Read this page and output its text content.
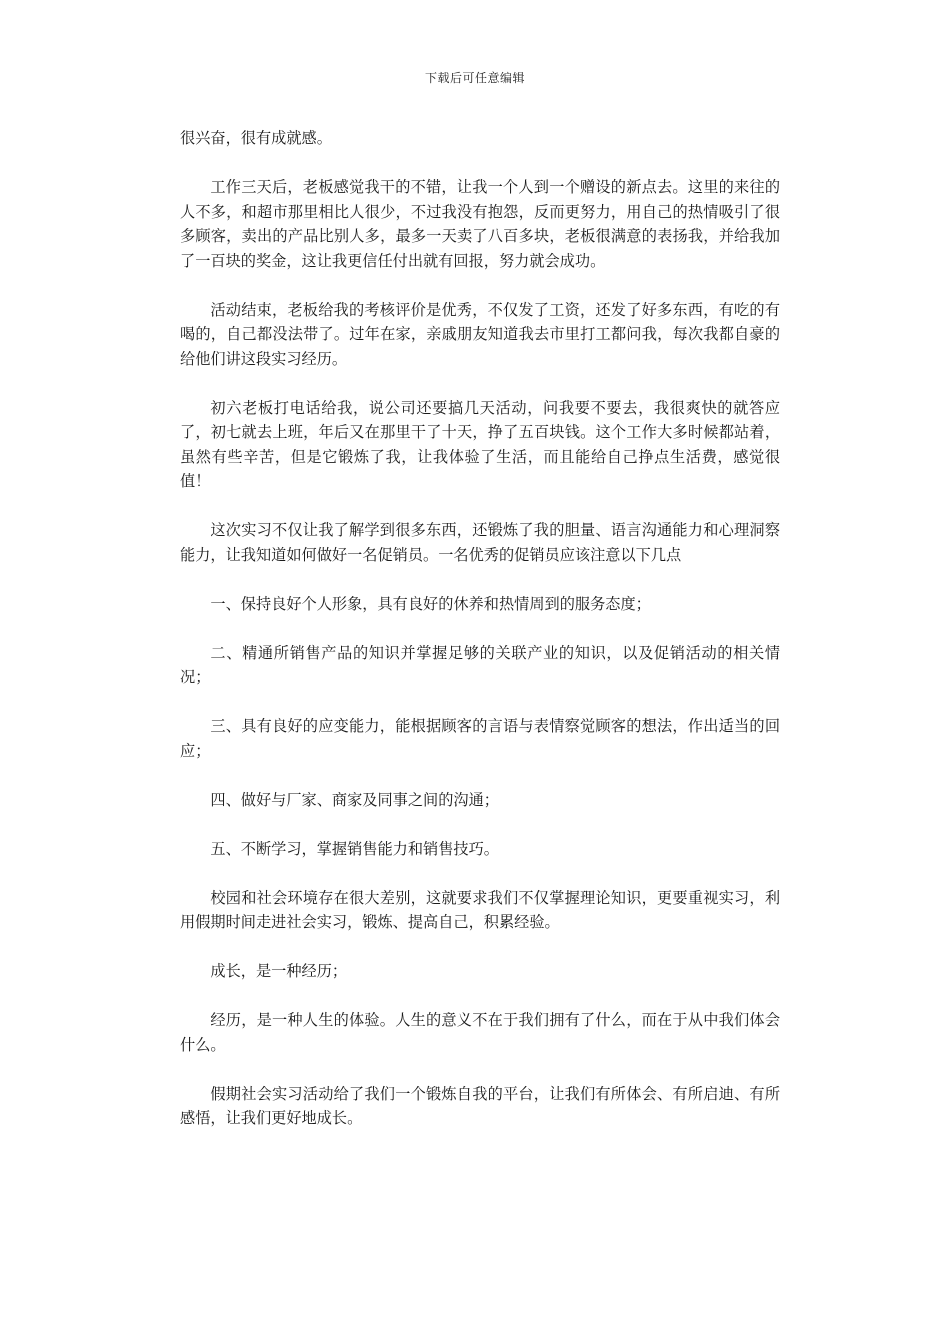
下载后可任意编辑

很兴奋，很有成就感。

工作三天后，老板感觉我干的不错，让我一个人到一个赠设的新点去。这里的来往的人不多，和超市那里相比人很少，不过我没有抱怨，反而更努力，用自己的热情吸引了很多顾客，卖出的产品比别人多，最多一天卖了八百多块，老板很满意的表扬我，并给我加了一百块的奖金，这让我更信任付出就有回报，努力就会成功。

活动结束，老板给我的考核评价是优秀，不仅发了工资，还发了好多东西，有吃的有喝的，自己都没法带了。过年在家，亲戚朋友知道我去市里打工都问我，每次我都自豪的给他们讲这段实习经历。

初六老板打电话给我，说公司还要搞几天活动，问我要不要去，我很爽快的就答应了，初七就去上班，年后又在那里干了十天，挣了五百块钱。这个工作大多时候都站着，虽然有些辛苦，但是它锻炼了我，让我体验了生活，而且能给自己挣点生活费，感觉很值！

这次实习不仅让我了解学到很多东西，还锻炼了我的胆量、语言沟通能力和心理洞察能力，让我知道如何做好一名促销员。一名优秀的促销员应该注意以下几点

一、保持良好个人形象，具有良好的休养和热情周到的服务态度；

二、精通所销售产品的知识并掌握足够的关联产业的知识，以及促销活动的相关情况；

三、具有良好的应变能力，能根据顾客的言语与表情察觉顾客的想法，作出适当的回应；

四、做好与厂家、商家及同事之间的沟通；

五、不断学习，掌握销售能力和销售技巧。

校园和社会环境存在很大差别，这就要求我们不仅掌握理论知识，更要重视实习，利用假期时间走进社会实习，锻炼、提高自己，积累经验。

成长，是一种经历；

经历，是一种人生的体验。人生的意义不在于我们拥有了什么，而在于从中我们体会什么。

假期社会实习活动给了我们一个锻炼自我的平台，让我们有所体会、有所启迪、有所感悟，让我们更好地成长。
